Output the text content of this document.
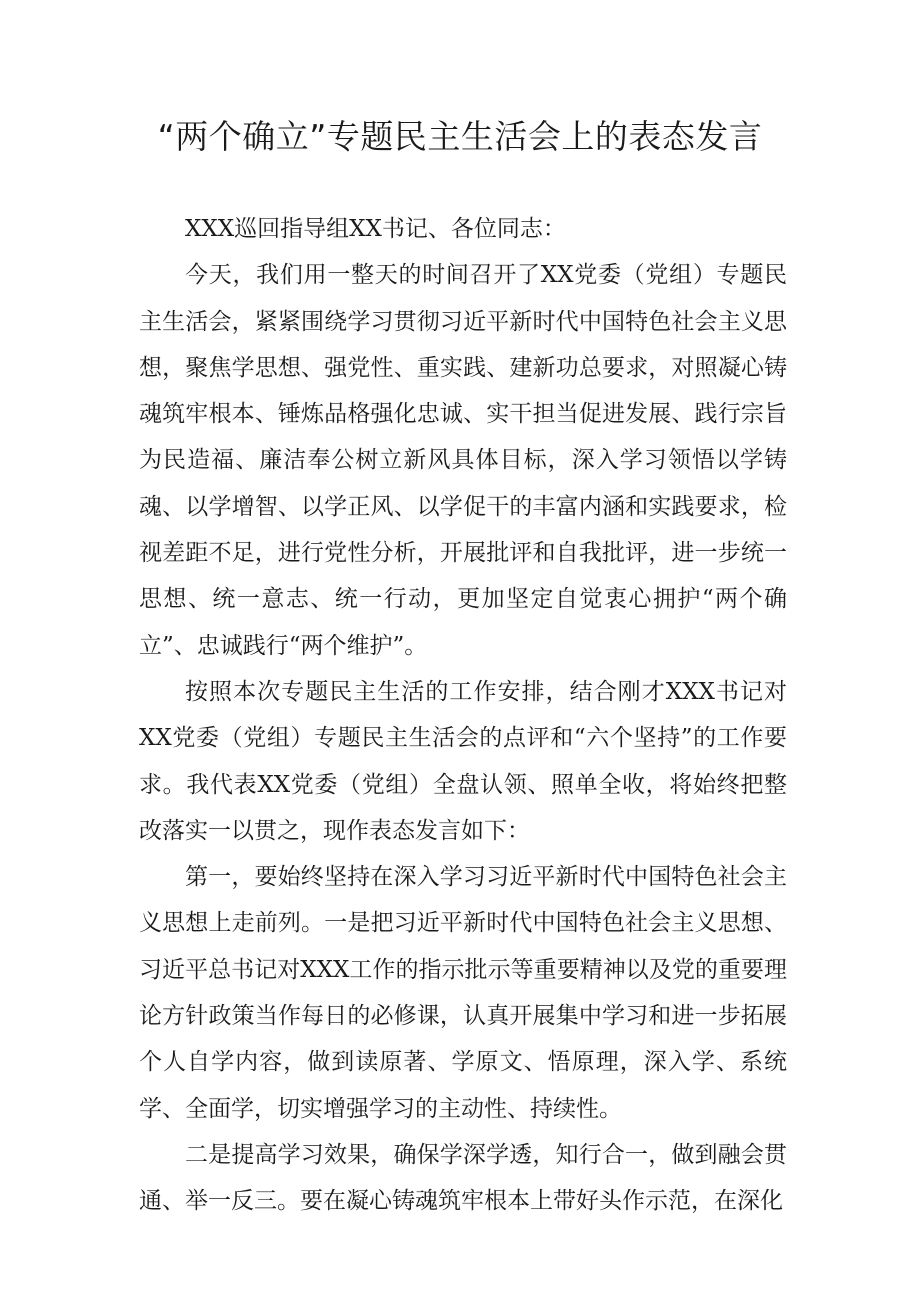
“两个确立”专题民主生活会上的表态发言

XXX巡回指导组XX书记、各位同志：

今天，我们用一整天的时间召开了XX党委（党组）专题民主生活会，紧紧围绕学习贯彻习近平新时代中国特色社会主义思想，聚焦学思想、强党性、重实践、建新功总要求，对照凝心铸魂筑牢根本、锤炼品格强化忠诚、实干担当促进发展、践行宗旨为民造福、廉洁奉公树立新风具体目标，深入学习领悟以学铸魂、以学增智、以学正风、以学促干的丰富内涵和实践要求，检视差距不足，进行党性分析，开展批评和自我批评，进一步统一思想、统一意志、统一行动，更加坚定自觉衷心拥护“两个确立”、忠诚践行“两个维护”。

按照本次专题民主生活的工作安排，结合刚才XXX书记对XX党委（党组）专题民主生活会的点评和“六个坚持”的工作要求。我代表XX党委（党组）全盘认领、照单全收，将始终把整改落实一以贯之，现作表态发言如下：

第一，要始终坚持在深入学习习近平新时代中国特色社会主义思想上走前列。一是把习近平新时代中国特色社会主义思想、习近平总书记对XXX工作的指示批示等重要精神以及党的重要理论方针政策当作每日的必修课，认真开展集中学习和进一步拓展个人自学内容，做到读原著、学原文、悟原理，深入学、系统学、全面学，切实增强学习的主动性、持续性。

二是提高学习效果，确保学深学透，知行合一，做到融会贯通、举一反三。要在凝心铸魂筑牢根本上带好头作示范，在深化
